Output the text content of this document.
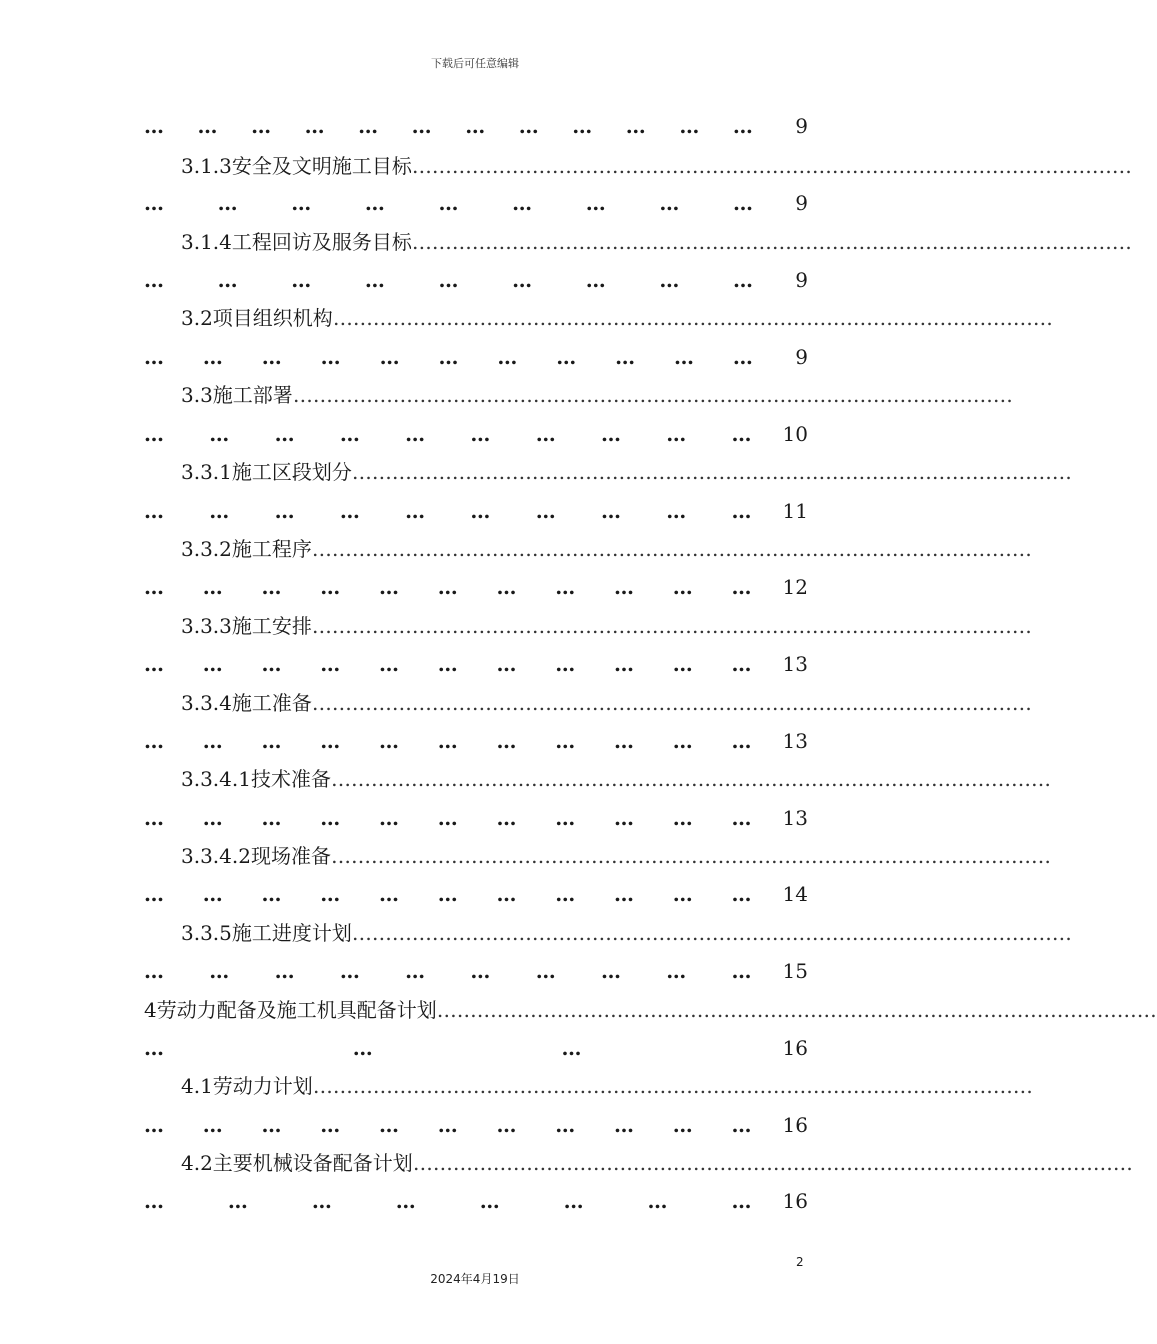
下载后可任意编辑
… … … … … … … … … … … …	9
3.1.3安全及文明施工目标………………………………………………………………………………………………
…	…	…	…	…	…	…	…	…	9
3.1.4工程回访及服务目标………………………………………………………………………………………………
…	…	…	…	…	…	…	…	…	9
3.2项目组织机构………………………………………………………………………………………………
… … … … … … … … … … …	9
3.3施工部署………………………………………………………………………………………………
… … … … … … … … … … 10
3.3.1施工区段划分………………………………………………………………………………………………
… … … … … … … … … … 11
3.3.2施工程序………………………………………………………………………………………………
… … … … … … … … … … … 12
3.3.3施工安排………………………………………………………………………………………………
… … … … … … … … … … … 13
3.3.4施工准备………………………………………………………………………………………………
… … … … … … … … … … … 13
3.3.4.1技术准备………………………………………………………………………………………………
… … … … … … … … … … … 13
3.3.4.2现场准备………………………………………………………………………………………………
… … … … … … … … … … … 14
3.3.5施工进度计划………………………………………………………………………………………………
… … … … … … … … … … 15
4劳动力配备及施工机具配备计划………………………………………………………………………………………………
…	…	…	16
4.1劳动力计划………………………………………………………………………………………………
… … … … … … … … … … … 16
4.2主要机械设备配备计划………………………………………………………………………………………………
…	…	…	…	…	…	…	… 16
2
2024年4月19日
